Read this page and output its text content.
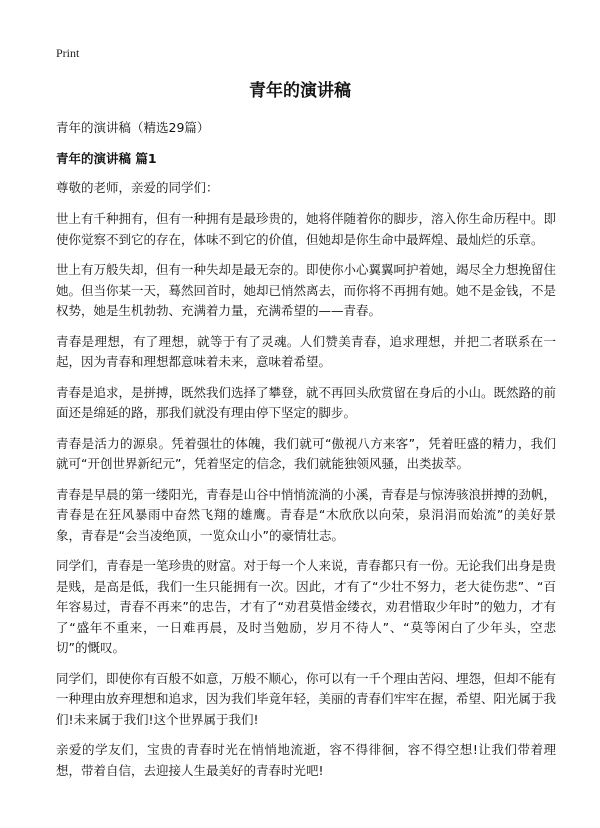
Print
青年的演讲稿

青年的演讲稿（精选29篇）

青年的演讲稿 篇1

尊敬的老师，亲爱的同学们：

世上有千种拥有，但有一种拥有是最珍贵的，她将伴随着你的脚步，溶入你生命历程中。即使你觉察不到它的存在，体味不到它的价值，但她却是你生命中最辉煌、最灿烂的乐章。

世上有万般失却，但有一种失却是最无奈的。即使你小心翼翼呵护着她，竭尽全力想挽留住她。但当你某一天，蓦然回首时，她却已悄然离去，而你将不再拥有她。她不是金钱，不是权势，她是生机勃勃、充满着力量，充满希望的——青春。

青春是理想，有了理想，就等于有了灵魂。人们赞美青春，追求理想，并把二者联系在一起，因为青春和理想都意味着未来，意味着希望。

青春是追求，是拼搏，既然我们选择了攀登，就不再回头欣赏留在身后的小山。既然路的前面还是绵延的路，那我们就没有理由停下坚定的脚步。

青春是活力的源泉。凭着强壮的体魄，我们就可“傲视八方来客”，凭着旺盛的精力，我们就可“开创世界新纪元”，凭着坚定的信念，我们就能独领风骚，出类拔萃。

青春是早晨的第一缕阳光，青春是山谷中悄悄流淌的小溪，青春是与惊涛骇浪拼搏的劲帆，青春是在狂风暴雨中奋然飞翔的雄鹰。青春是“木欣欣以向荣，泉涓涓而始流”的美好景象，青春是“会当凌绝顶，一览众山小”的豪情壮志。

同学们，青春是一笔珍贵的财富。对于每一个人来说，青春都只有一份。无论我们出身是贵是贱，是高是低，我们一生只能拥有一次。因此，才有了“少壮不努力，老大徒伤悲”、“百年容易过，青春不再来”的忠告，才有了“劝君莫惜金缕衣，劝君惜取少年时”的勉力，才有了“盛年不重来，一日难再晨，及时当勉励，岁月不待人”、“莫等闲白了少年头，空悲切”的慨叹。

同学们，即使你有百般不如意，万般不顺心，你可以有一千个理由苦闷、埋怨，但却不能有一种理由放弃理想和追求，因为我们毕竟年轻，美丽的青春们牢牢在握，希望、阳光属于我们!未来属于我们!这个世界属于我们!

亲爱的学友们，宝贵的青春时光在悄悄地流逝，容不得徘徊，容不得空想!让我们带着理想，带着自信，去迎接人生最美好的青春时光吧!
